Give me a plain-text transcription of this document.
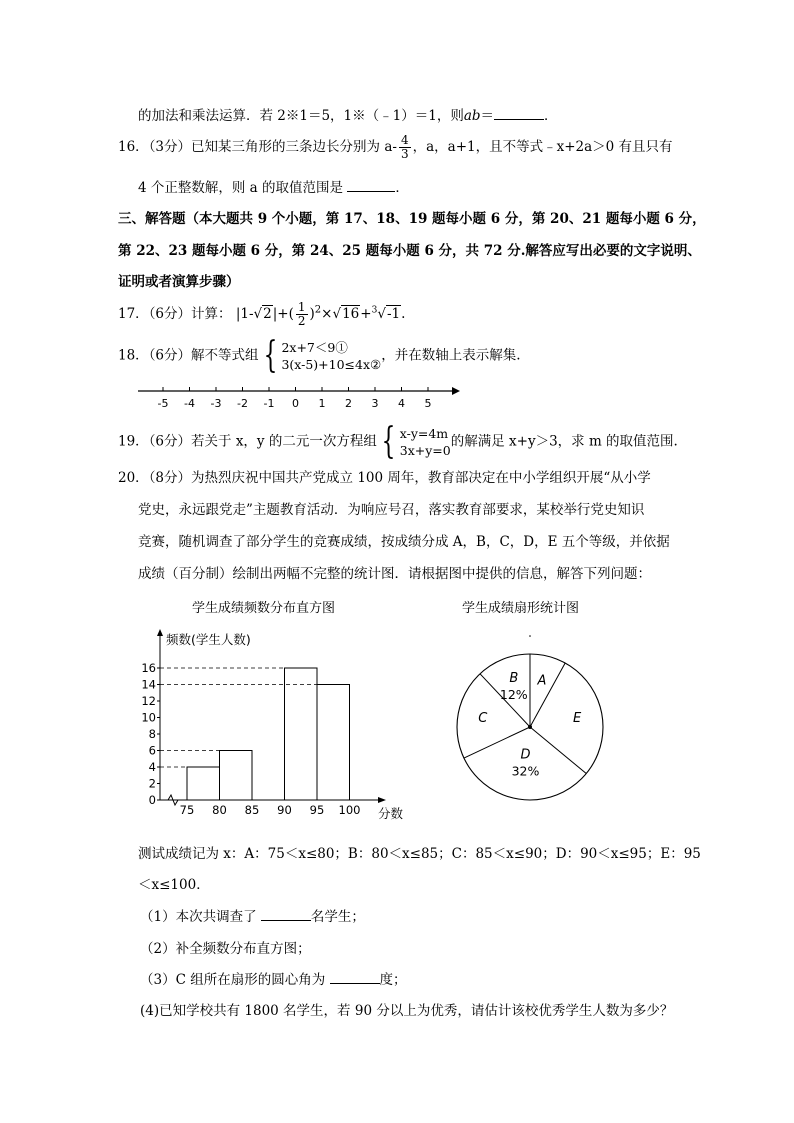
的加法和乘法运算．若 2※1＝5，1※（﹣1）＝1，则ab＝	．
16．（3分）已知某三角形的三条边长分别为 $a- \frac{4}{3}$ ，a，a+1，且不等式﹣x+2a＞0 有且只有
4 个正整数解，则 a 的取值范围是	．
三、解答题（本大题共 9 个小题，第 17、18、19 题每小题 6 分，第 20、21 题每小题 6 分，
第 22、23 题每小题 6 分，第 24、25 题每小题 6 分，共 72 分.解答应写出必要的文字说明、
证明或者演算步骤）
17．（6分）计算： $|1-√2|+( \frac{1}{2} )^2\times√16+^3√-1$.
18．（6分）解不等式组 { 2x+7＜9①
3(x-5)+10≤4x②
，并在数轴上表示解集.
-5 -4 -3 -2 -1 0 1 2 3 4 5
19．（6分）若关于 x，y 的二元一次方程组 { x-y=4m
3x+y=0
的解满足 x+y＞3，求 m 的取值范围.
20．（8分）为热烈庆祝中国共产党成立 100 周年，教育部决定在中小学组织开展“从小学
党史，永远跟党走”主题教育活动．为响应号召，落实教育部要求，某校举行党史知识
竞赛，随机调查了部分学生的竞赛成绩，按成绩分成 A，B，C，D，E 五个等级，并依据
成绩（百分制）绘制出两幅不完整的统计图．请根据图中提供的信息，解答下列问题：
学生成绩频数分布直方图	学生成绩扇形统计图
频数(学生人数)
0
2
4
6
8
10
12
14
16
75 80 85 90 95 100 分数
A
E
D
32%
C
B
12%
测试成绩记为 x：A：75＜x≤80；B：80＜x≤85；C：85＜x≤90；D：90＜x≤95；E：95
＜x≤100．
（1）本次共调查了	名学生；
（2）补全频数分布直方图；
（3）C 组所在扇形的圆心角为	度；
(4)已知学校共有 1800 名学生，若 90 分以上为优秀，请估计该校优秀学生人数为多少？
